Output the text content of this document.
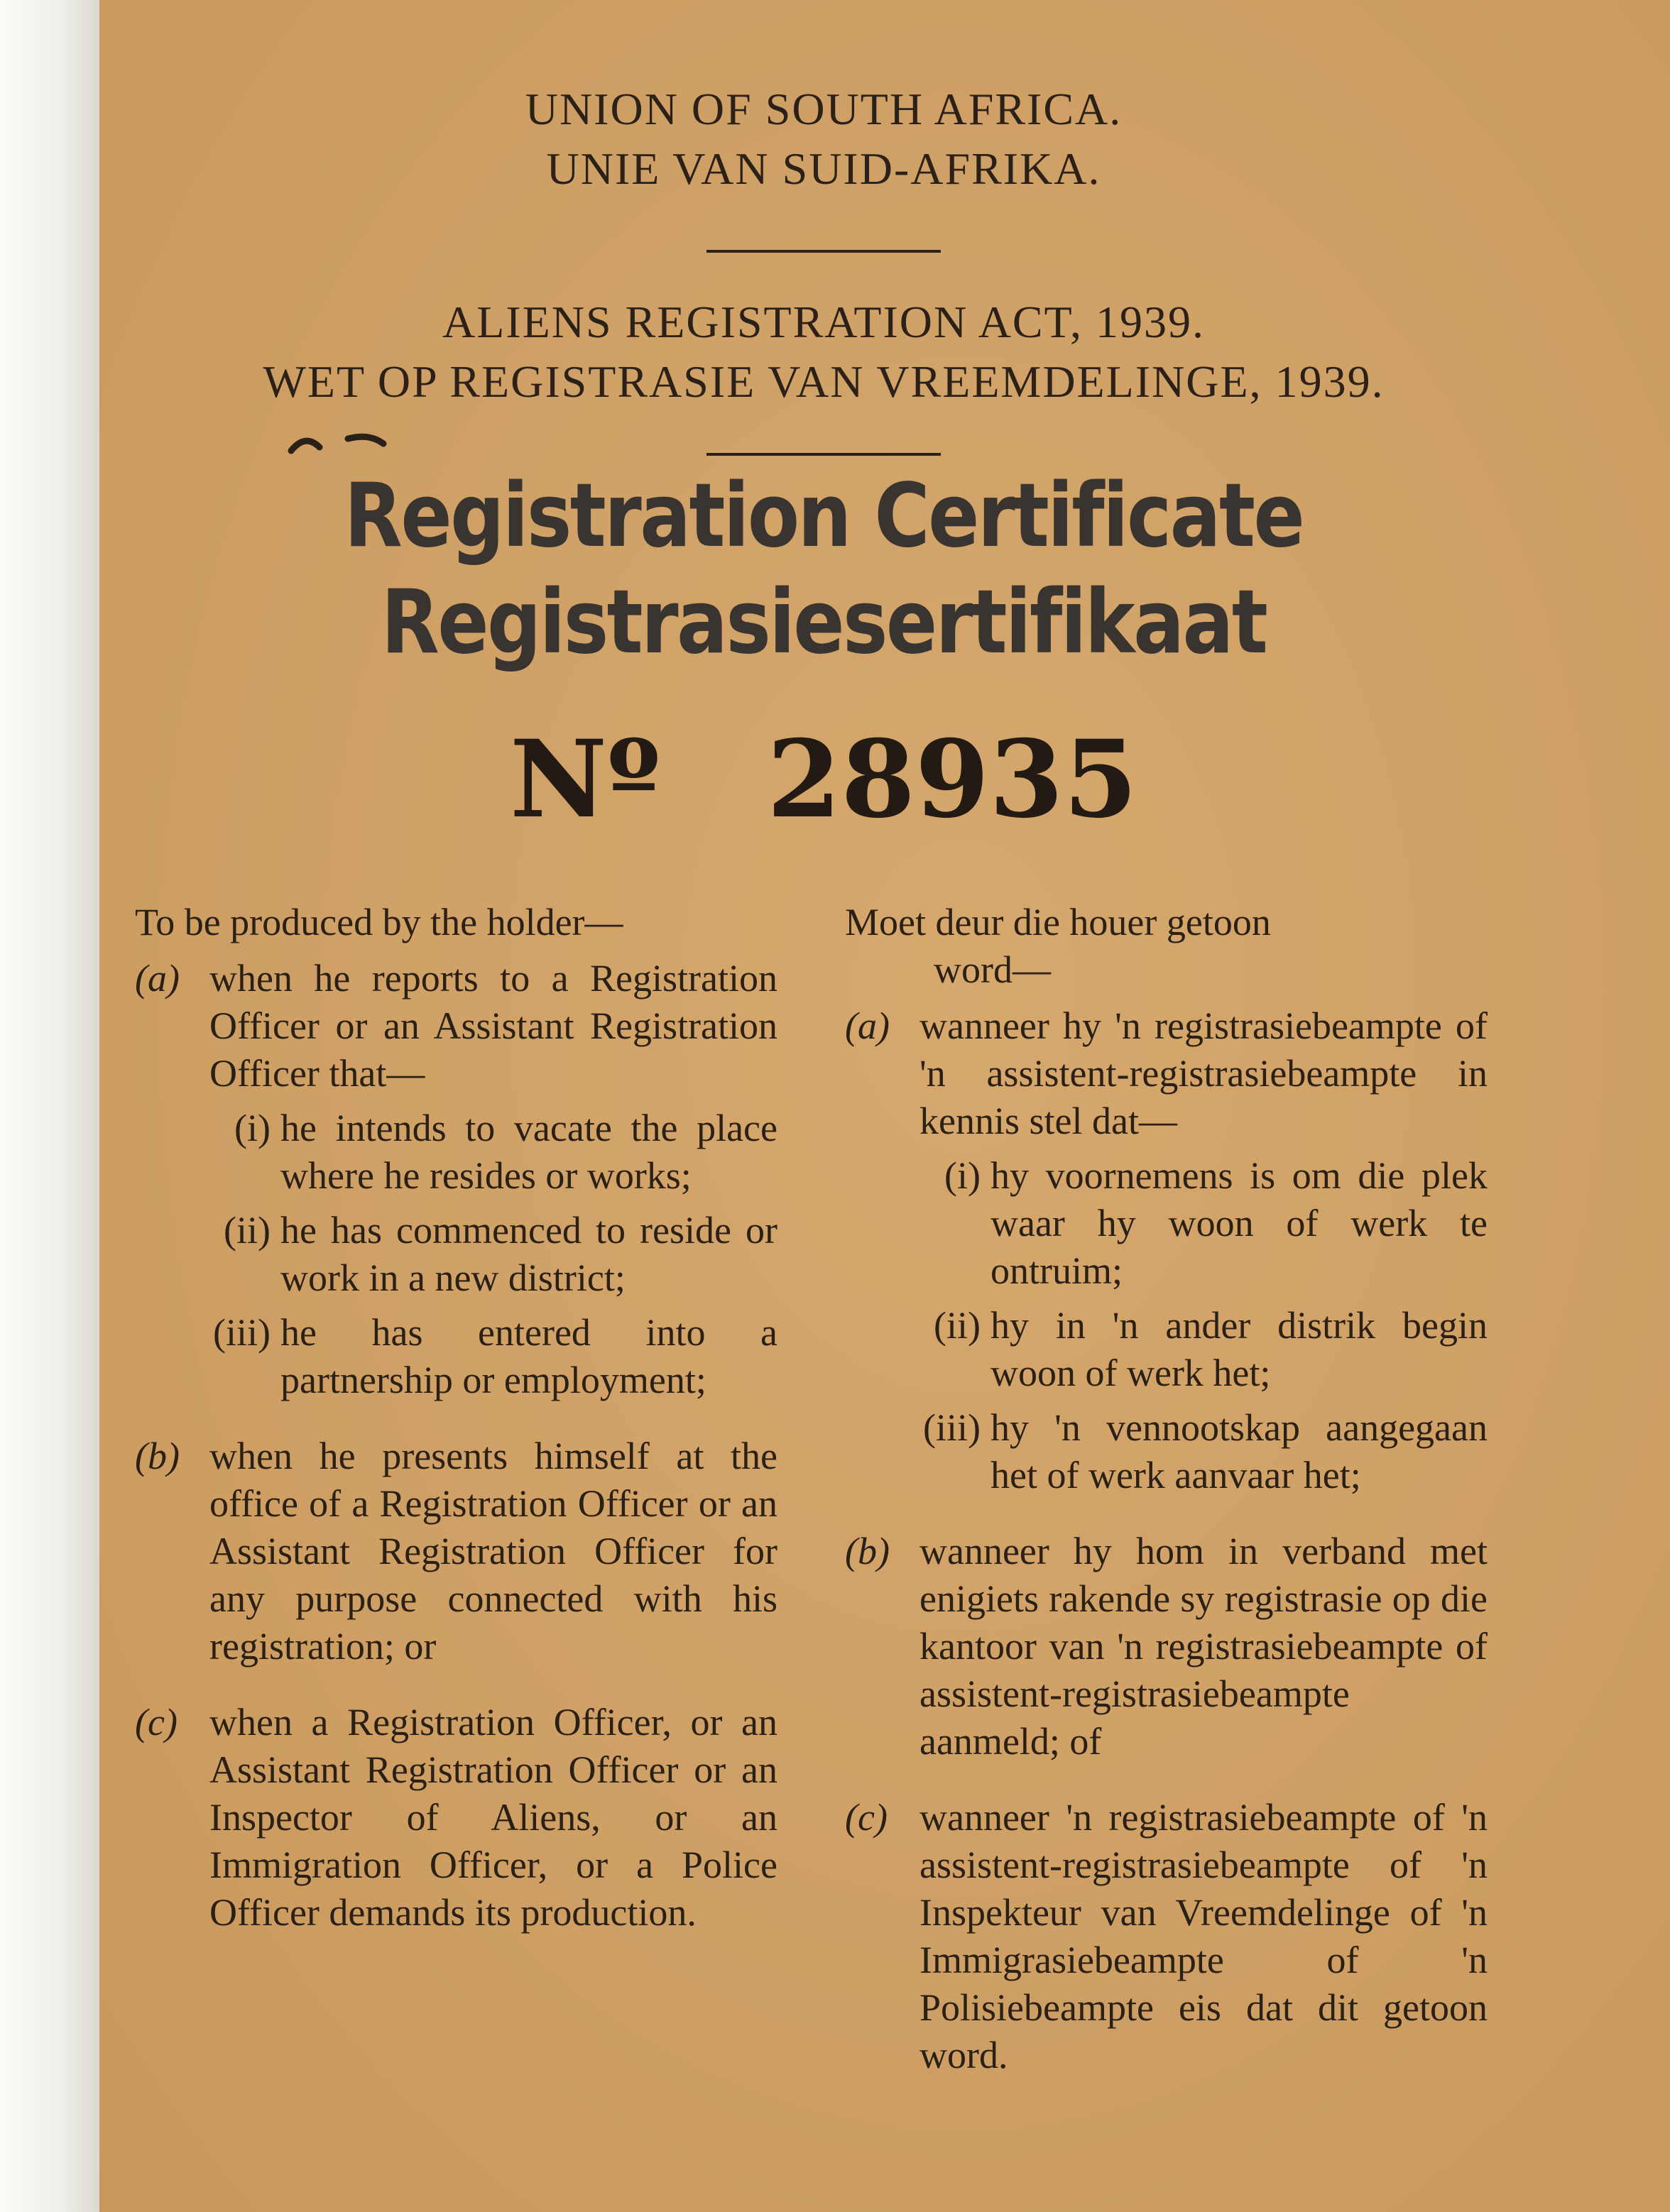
UNION OF SOUTH AFRICA.
UNIE VAN SUID-AFRIKA.
ALIENS REGISTRATION ACT, 1939.
WET OP REGISTRASIE VAN VREEMDELINGE, 1939.
Registration Certificate
Registrasiesertifikaat
Nº 28935
To be produced by the holder—
(a) when he reports to a Registration Officer or an Assistant Registration Officer that—
(i) he intends to vacate the place where he resides or works;
(ii) he has commenced to reside or work in a new district;
(iii) he has entered into a partnership or employment;
(b) when he presents himself at the office of a Registration Officer or an Assistant Registration Officer for any purpose connected with his registration; or
(c) when a Registration Officer, or an Assistant Registration Officer or an Inspector of Aliens, or an Immigration Officer, or a Police Officer demands its production.
Moet deur die houer getoon
word—
(a) wanneer hy 'n registrasiebeampte of 'n assistent-registrasiebeampte in kennis stel dat—
(i) hy voornemens is om die plek waar hy woon of werk te ontruim;
(ii) hy in 'n ander distrik begin woon of werk het;
(iii) hy 'n vennootskap aangegaan het of werk aanvaar het;
(b) wanneer hy hom in verband met enigiets rakende sy registrasie op die kantoor van 'n registrasiebeampte of assistent-registrasiebeampte aanmeld; of
(c) wanneer 'n registrasiebeampte of 'n assistent-registrasiebeampte of 'n Inspekteur van Vreemdelinge of 'n Immigrasiebeampte of 'n Polisiebeampte eis dat dit getoon word.
